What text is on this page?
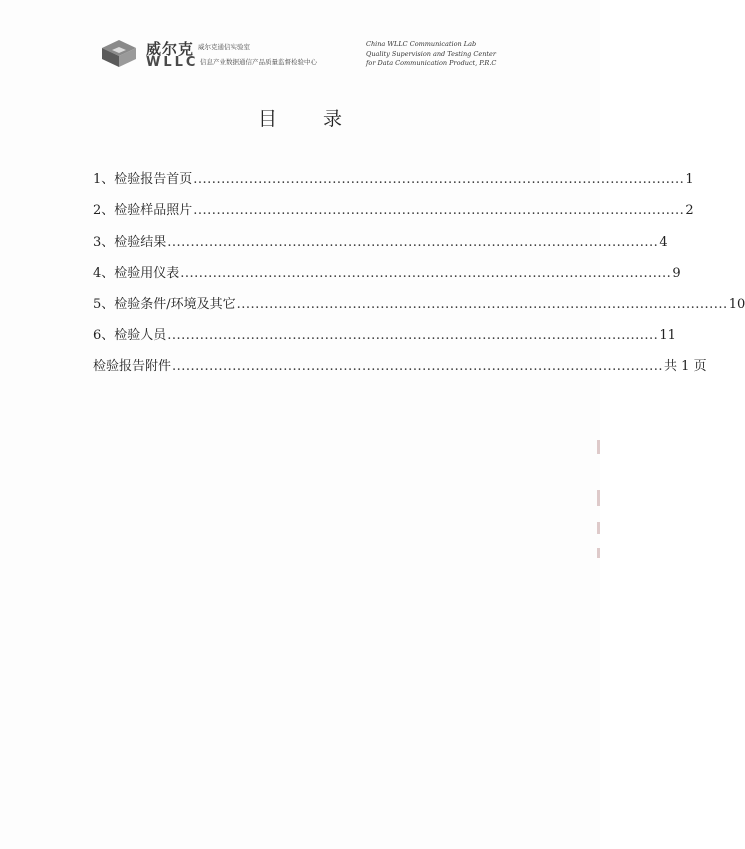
威尔克
WLLC
威尔克通信实验室
信息产业数据通信产品质量监督检验中心
China WLLC Communication Lab
Quality Supervision and Testing Center
for Data Communication Product, P.R.C
目录
1、检验报告首页 .......................................................................................................... 1
2、检验样品照片 .......................................................................................................... 2
3、检验结果 .......................................................................................................... 4
4、检验用仪表 .......................................................................................................... 9
5、检验条件/环境及其它 .......................................................................................................... 10
6、检验人员 .......................................................................................................... 11
检验报告附件 .......................................................................................................... 共 1 页
